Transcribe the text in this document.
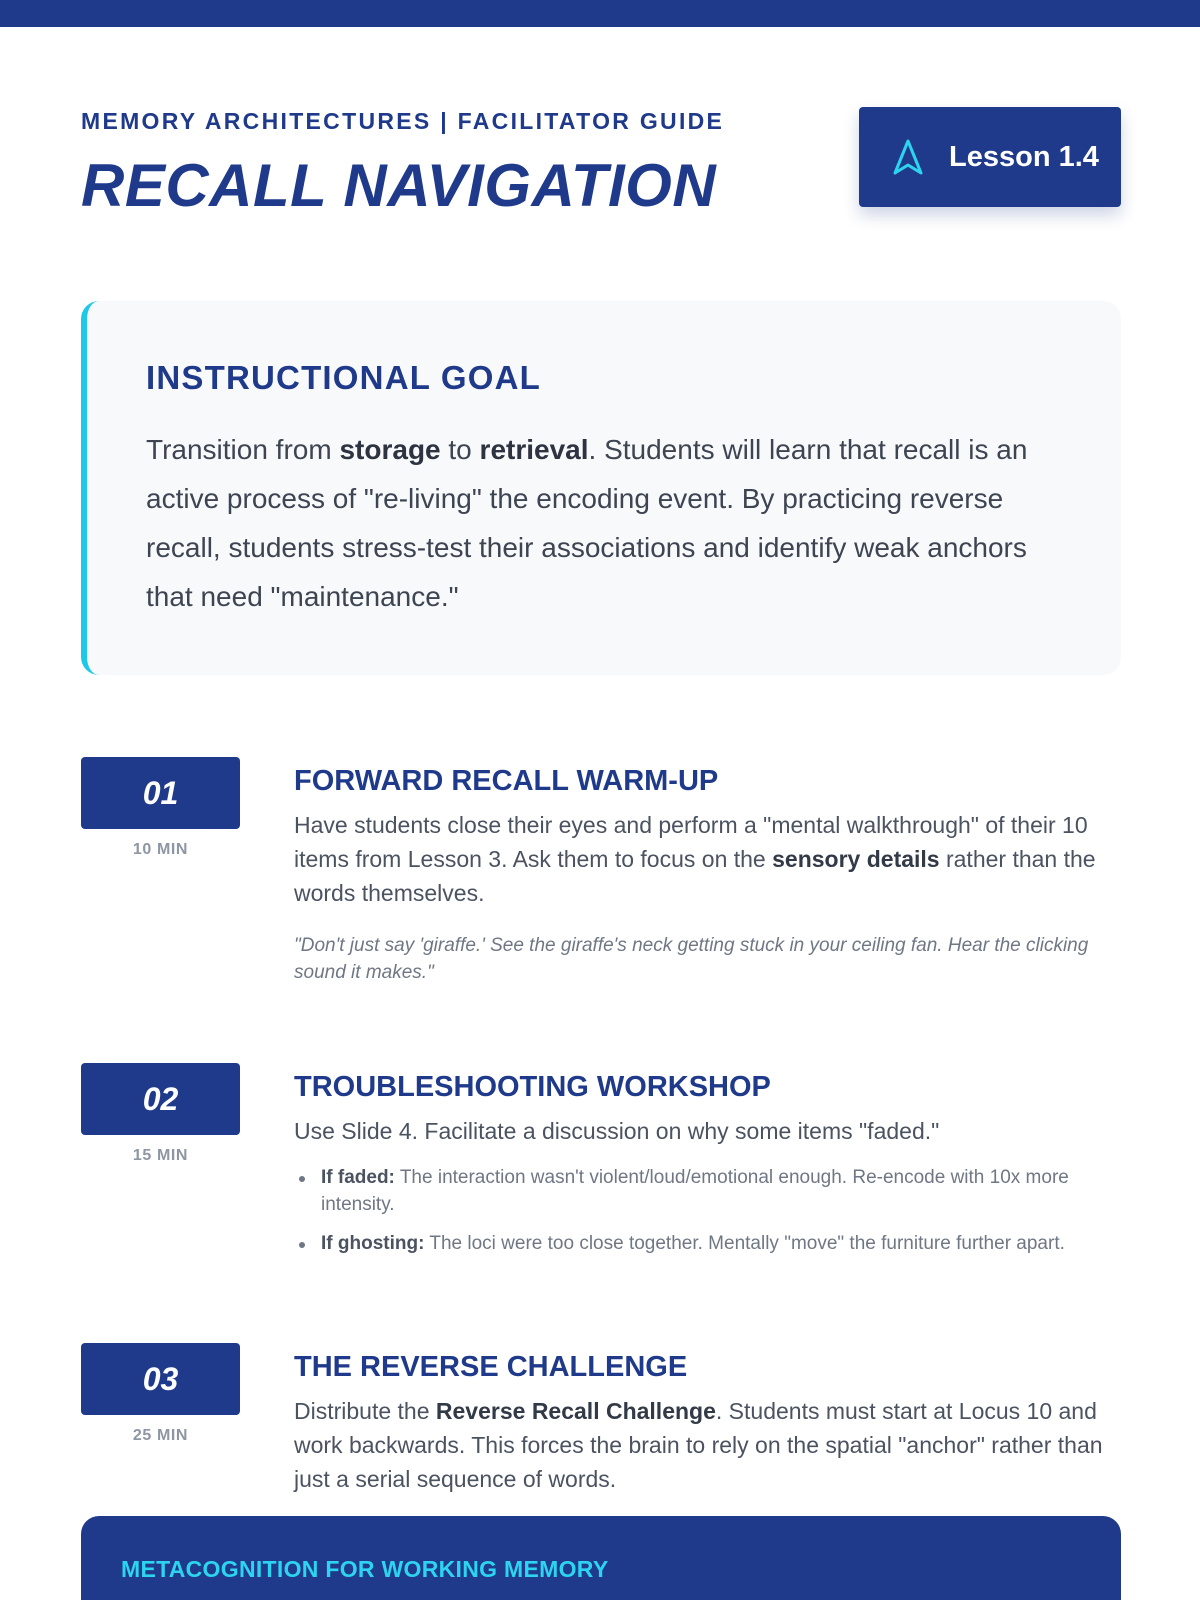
MEMORY ARCHITECTURES | FACILITATOR GUIDE
RECALL NAVIGATION	Lesson 1.4
INSTRUCTIONAL GOAL
Transition from storage to retrieval. Students will learn that recall is an active process of "re-living" the encoding event. By practicing reverse recall, students stress-test their associations and identify weak anchors that need "maintenance."
01
10 MIN
FORWARD RECALL WARM-UP
Have students close their eyes and perform a "mental walkthrough" of their 10 items from Lesson 3. Ask them to focus on the sensory details rather than the words themselves.
"Don't just say 'giraffe.' See the giraffe's neck getting stuck in your ceiling fan. Hear the clicking sound it makes."
02
15 MIN
TROUBLESHOOTING WORKSHOP
Use Slide 4. Facilitate a discussion on why some items "faded."
If faded: The interaction wasn't violent/loud/emotional enough. Re-encode with 10x more intensity.
If ghosting: The loci were too close together. Mentally "move" the furniture further apart.
03
25 MIN
THE REVERSE CHALLENGE
Distribute the Reverse Recall Challenge. Students must start at Locus 10 and work backwards. This forces the brain to rely on the spatial "anchor" rather than just a serial sequence of words.
METACOGNITION FOR WORKING MEMORY
